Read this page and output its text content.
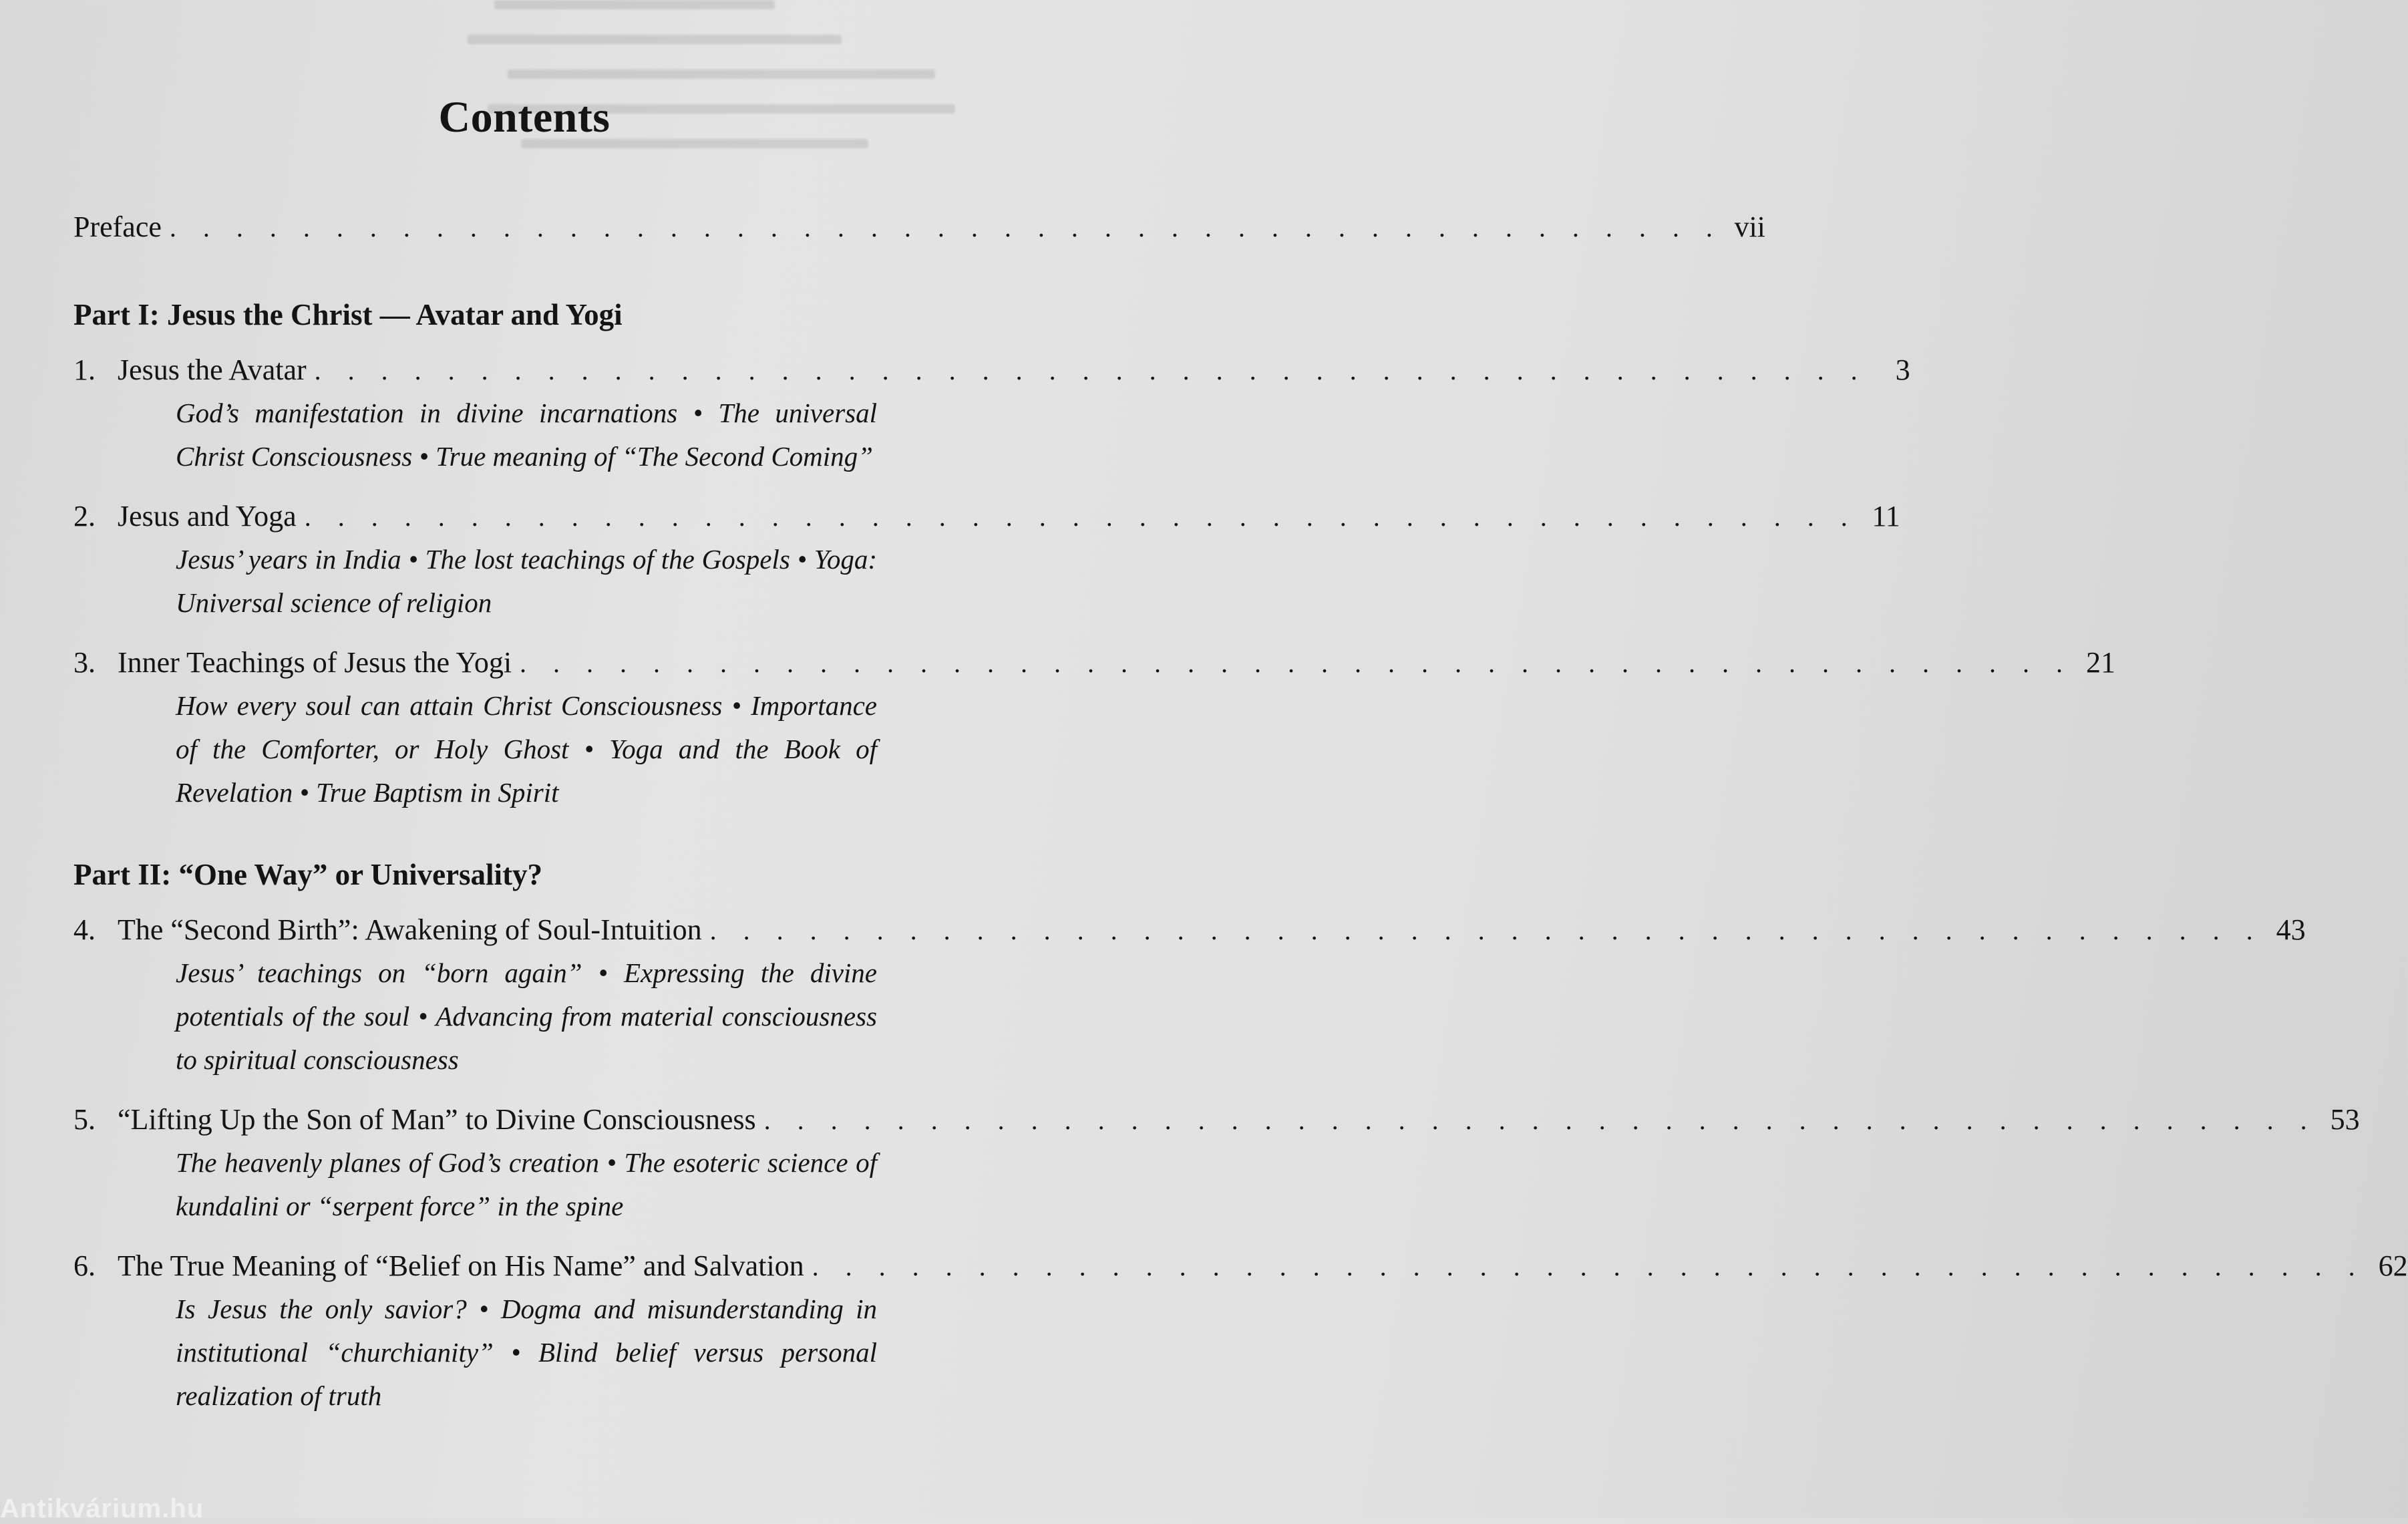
Contents
Preface . . . . . . . . . . . . . . . . . . . . . . . . . . . . . . . . . . . . . . . . . . . . . . . vii
Part I: Jesus the Christ — Avatar and Yogi
1. Jesus the Avatar . . . . . . . . . . . . . . . . . . . . . . . . . . . . . . . . . . . . . . . . . . . . . . . 3
God’s manifestation in divine incarnations • The universal Christ Consciousness • True meaning of “The Second Coming”
2. Jesus and Yoga . . . . . . . . . . . . . . . . . . . . . . . . . . . . . . . . . . . . . . . . . . . . . . . 11
Jesus’ years in India • The lost teachings of the Gospels • Yoga: Universal science of religion
3. Inner Teachings of Jesus the Yogi . . . . . . . . . . . . . . . . . . . . . . . . . . . . . . . . . . . . . . . . . . . . . . . 21
How every soul can attain Christ Consciousness • Importance of the Comforter, or Holy Ghost • Yoga and the Book of Revelation • True Baptism in Spirit
Part II: “One Way” or Universality?
4. The “Second Birth”: Awakening of Soul-Intuition . . . . . . . . . . . . . . . . . . . . . . . . . . . . . . . . . . . . . . . . . . . . . . . 43
Jesus’ teachings on “born again” • Expressing the divine potentials of the soul • Advancing from material consciousness to spiritual consciousness
5. “Lifting Up the Son of Man” to Divine Consciousness . . . . . . . . . . . . . . . . . . . . . . . . . . . . . . . . . . . . . . . . . . . . . . . 53
The heavenly planes of God’s creation • The esoteric science of kundalini or “serpent force” in the spine
6. The True Meaning of “Belief on His Name” and Salvation . . . . . . . . . . . . . . . . . . . . . . . . . . . . . . . . . . . . . . . . . . . . . . . 62
Is Jesus the only savior? • Dogma and misunderstanding in institutional “churchianity” • Blind belief versus personal realization of truth
Antikvárium.hu
